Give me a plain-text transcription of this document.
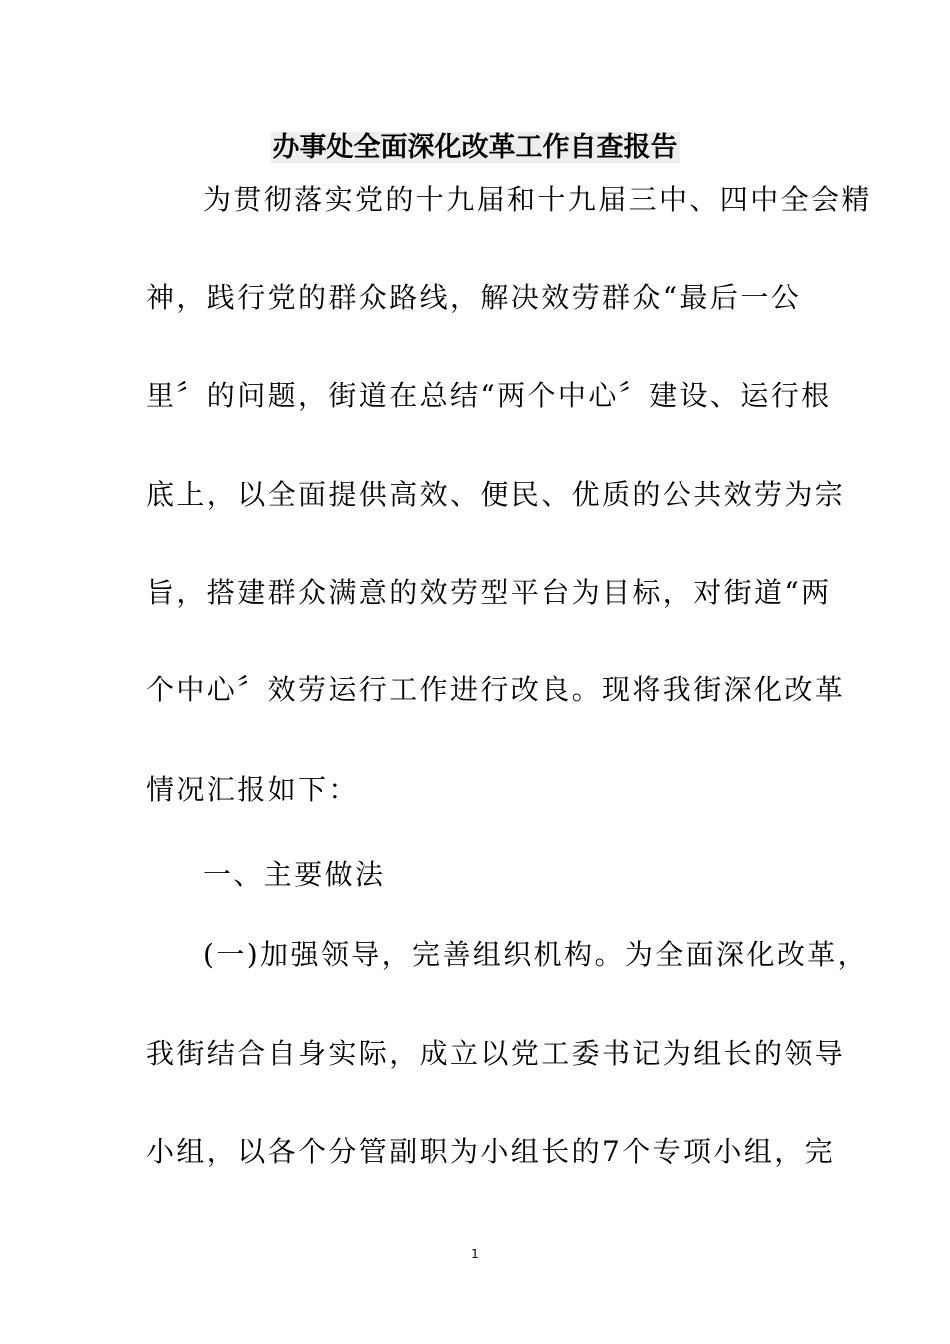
办事处全面深化改革工作自查报告
为贯彻落实党的十九届和十九届三中、四中全会精
神，践行党的群众路线，解决效劳群众“最后一公
里〞的问题，街道在总结“两个中心〞建设、运行根
底上，以全面提供高效、便民、优质的公共效劳为宗
旨，搭建群众满意的效劳型平台为目标，对街道“两
个中心〞效劳运行工作进行改良。现将我街深化改革
情况汇报如下：
一、主要做法
(一)加强领导，完善组织机构。为全面深化改革，
我街结合自身实际，成立以党工委书记为组长的领导
小组，以各个分管副职为小组长的7个专项小组，完
1
